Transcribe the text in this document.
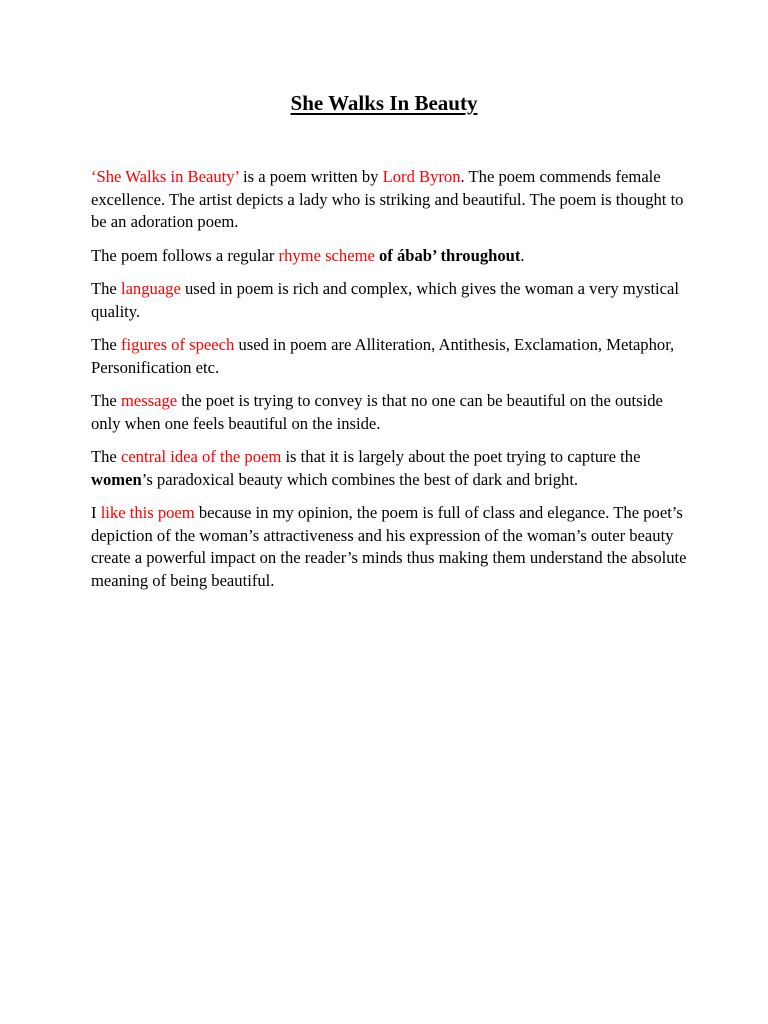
She Walks In Beauty

‘She Walks in Beauty’ is a poem written by Lord Byron. The poem commends female excellence. The artist depicts a lady who is striking and beautiful. The poem is thought to be an adoration poem.

The poem follows a regular rhyme scheme of ábab’ throughout.

The language used in poem is rich and complex, which gives the woman a very mystical quality.

The figures of speech used in poem are Alliteration, Antithesis, Exclamation, Metaphor, Personification etc.

The message the poet is trying to convey is that no one can be beautiful on the outside only when one feels beautiful on the inside.

The central idea of the poem is that it is largely about the poet trying to capture the women’s paradoxical beauty which combines the best of dark and bright.

I like this poem because in my opinion, the poem is full of class and elegance. The poet’s depiction of the woman’s attractiveness and his expression of the woman’s outer beauty create a powerful impact on the reader’s minds thus making them understand the absolute meaning of being beautiful.
